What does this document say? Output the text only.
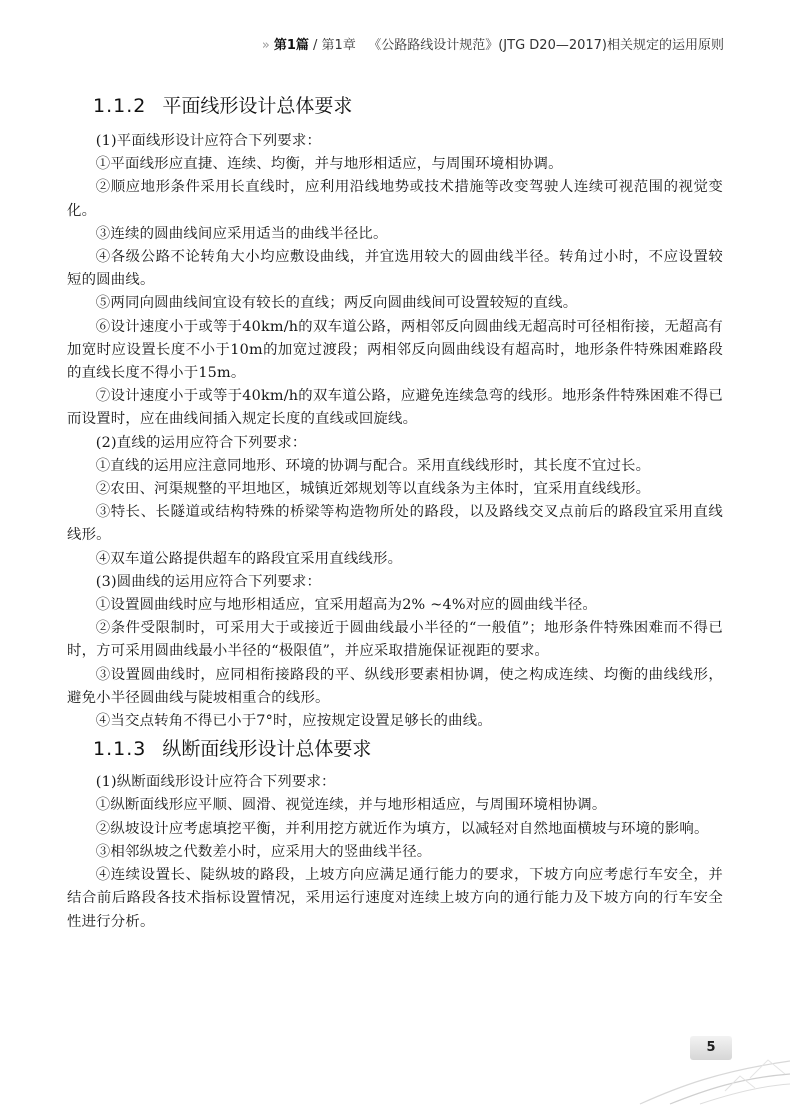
» 第1篇 / 第1章 《公路路线设计规范》(JTG D20—2017)相关规定的运用原则
1.1.2 平面线形设计总体要求

(1)平面线形设计应符合下列要求：

①平面线形应直捷、连续、均衡，并与地形相适应，与周围环境相协调。

②顺应地形条件采用长直线时，应利用沿线地势或技术措施等改变驾驶人连续可视范围的视觉变化。

③连续的圆曲线间应采用适当的曲线半径比。

④各级公路不论转角大小均应敷设曲线，并宜选用较大的圆曲线半径。转角过小时，不应设置较短的圆曲线。

⑤两同向圆曲线间宜设有较长的直线；两反向圆曲线间可设置较短的直线。

⑥设计速度小于或等于40km/h的双车道公路，两相邻反向圆曲线无超高时可径相衔接，无超高有加宽时应设置长度不小于10m的加宽过渡段；两相邻反向圆曲线设有超高时，地形条件特殊困难路段的直线长度不得小于15m。

⑦设计速度小于或等于40km/h的双车道公路，应避免连续急弯的线形。地形条件特殊困难不得已而设置时，应在曲线间插入规定长度的直线或回旋线。

(2)直线的运用应符合下列要求：

①直线的运用应注意同地形、环境的协调与配合。采用直线线形时，其长度不宜过长。

②农田、河渠规整的平坦地区，城镇近郊规划等以直线条为主体时，宜采用直线线形。

③特长、长隧道或结构特殊的桥梁等构造物所处的路段，以及路线交叉点前后的路段宜采用直线线形。

④双车道公路提供超车的路段宜采用直线线形。

(3)圆曲线的运用应符合下列要求：

①设置圆曲线时应与地形相适应，宜采用超高为2% ~4%对应的圆曲线半径。

②条件受限制时，可采用大于或接近于圆曲线最小半径的“一般值”；地形条件特殊困难而不得已时，方可采用圆曲线最小半径的“极限值”，并应采取措施保证视距的要求。

③设置圆曲线时，应同相衔接路段的平、纵线形要素相协调，使之构成连续、均衡的曲线线形，避免小半径圆曲线与陡坡相重合的线形。

④当交点转角不得已小于7°时，应按规定设置足够长的曲线。

1.1.3 纵断面线形设计总体要求

(1)纵断面线形设计应符合下列要求：

①纵断面线形应平顺、圆滑、视觉连续，并与地形相适应，与周围环境相协调。

②纵坡设计应考虑填挖平衡，并利用挖方就近作为填方，以减轻对自然地面横坡与环境的影响。

③相邻纵坡之代数差小时，应采用大的竖曲线半径。

④连续设置长、陡纵坡的路段，上坡方向应满足通行能力的要求，下坡方向应考虑行车安全，并结合前后路段各技术指标设置情况，采用运行速度对连续上坡方向的通行能力及下坡方向的行车安全性进行分析。

5
